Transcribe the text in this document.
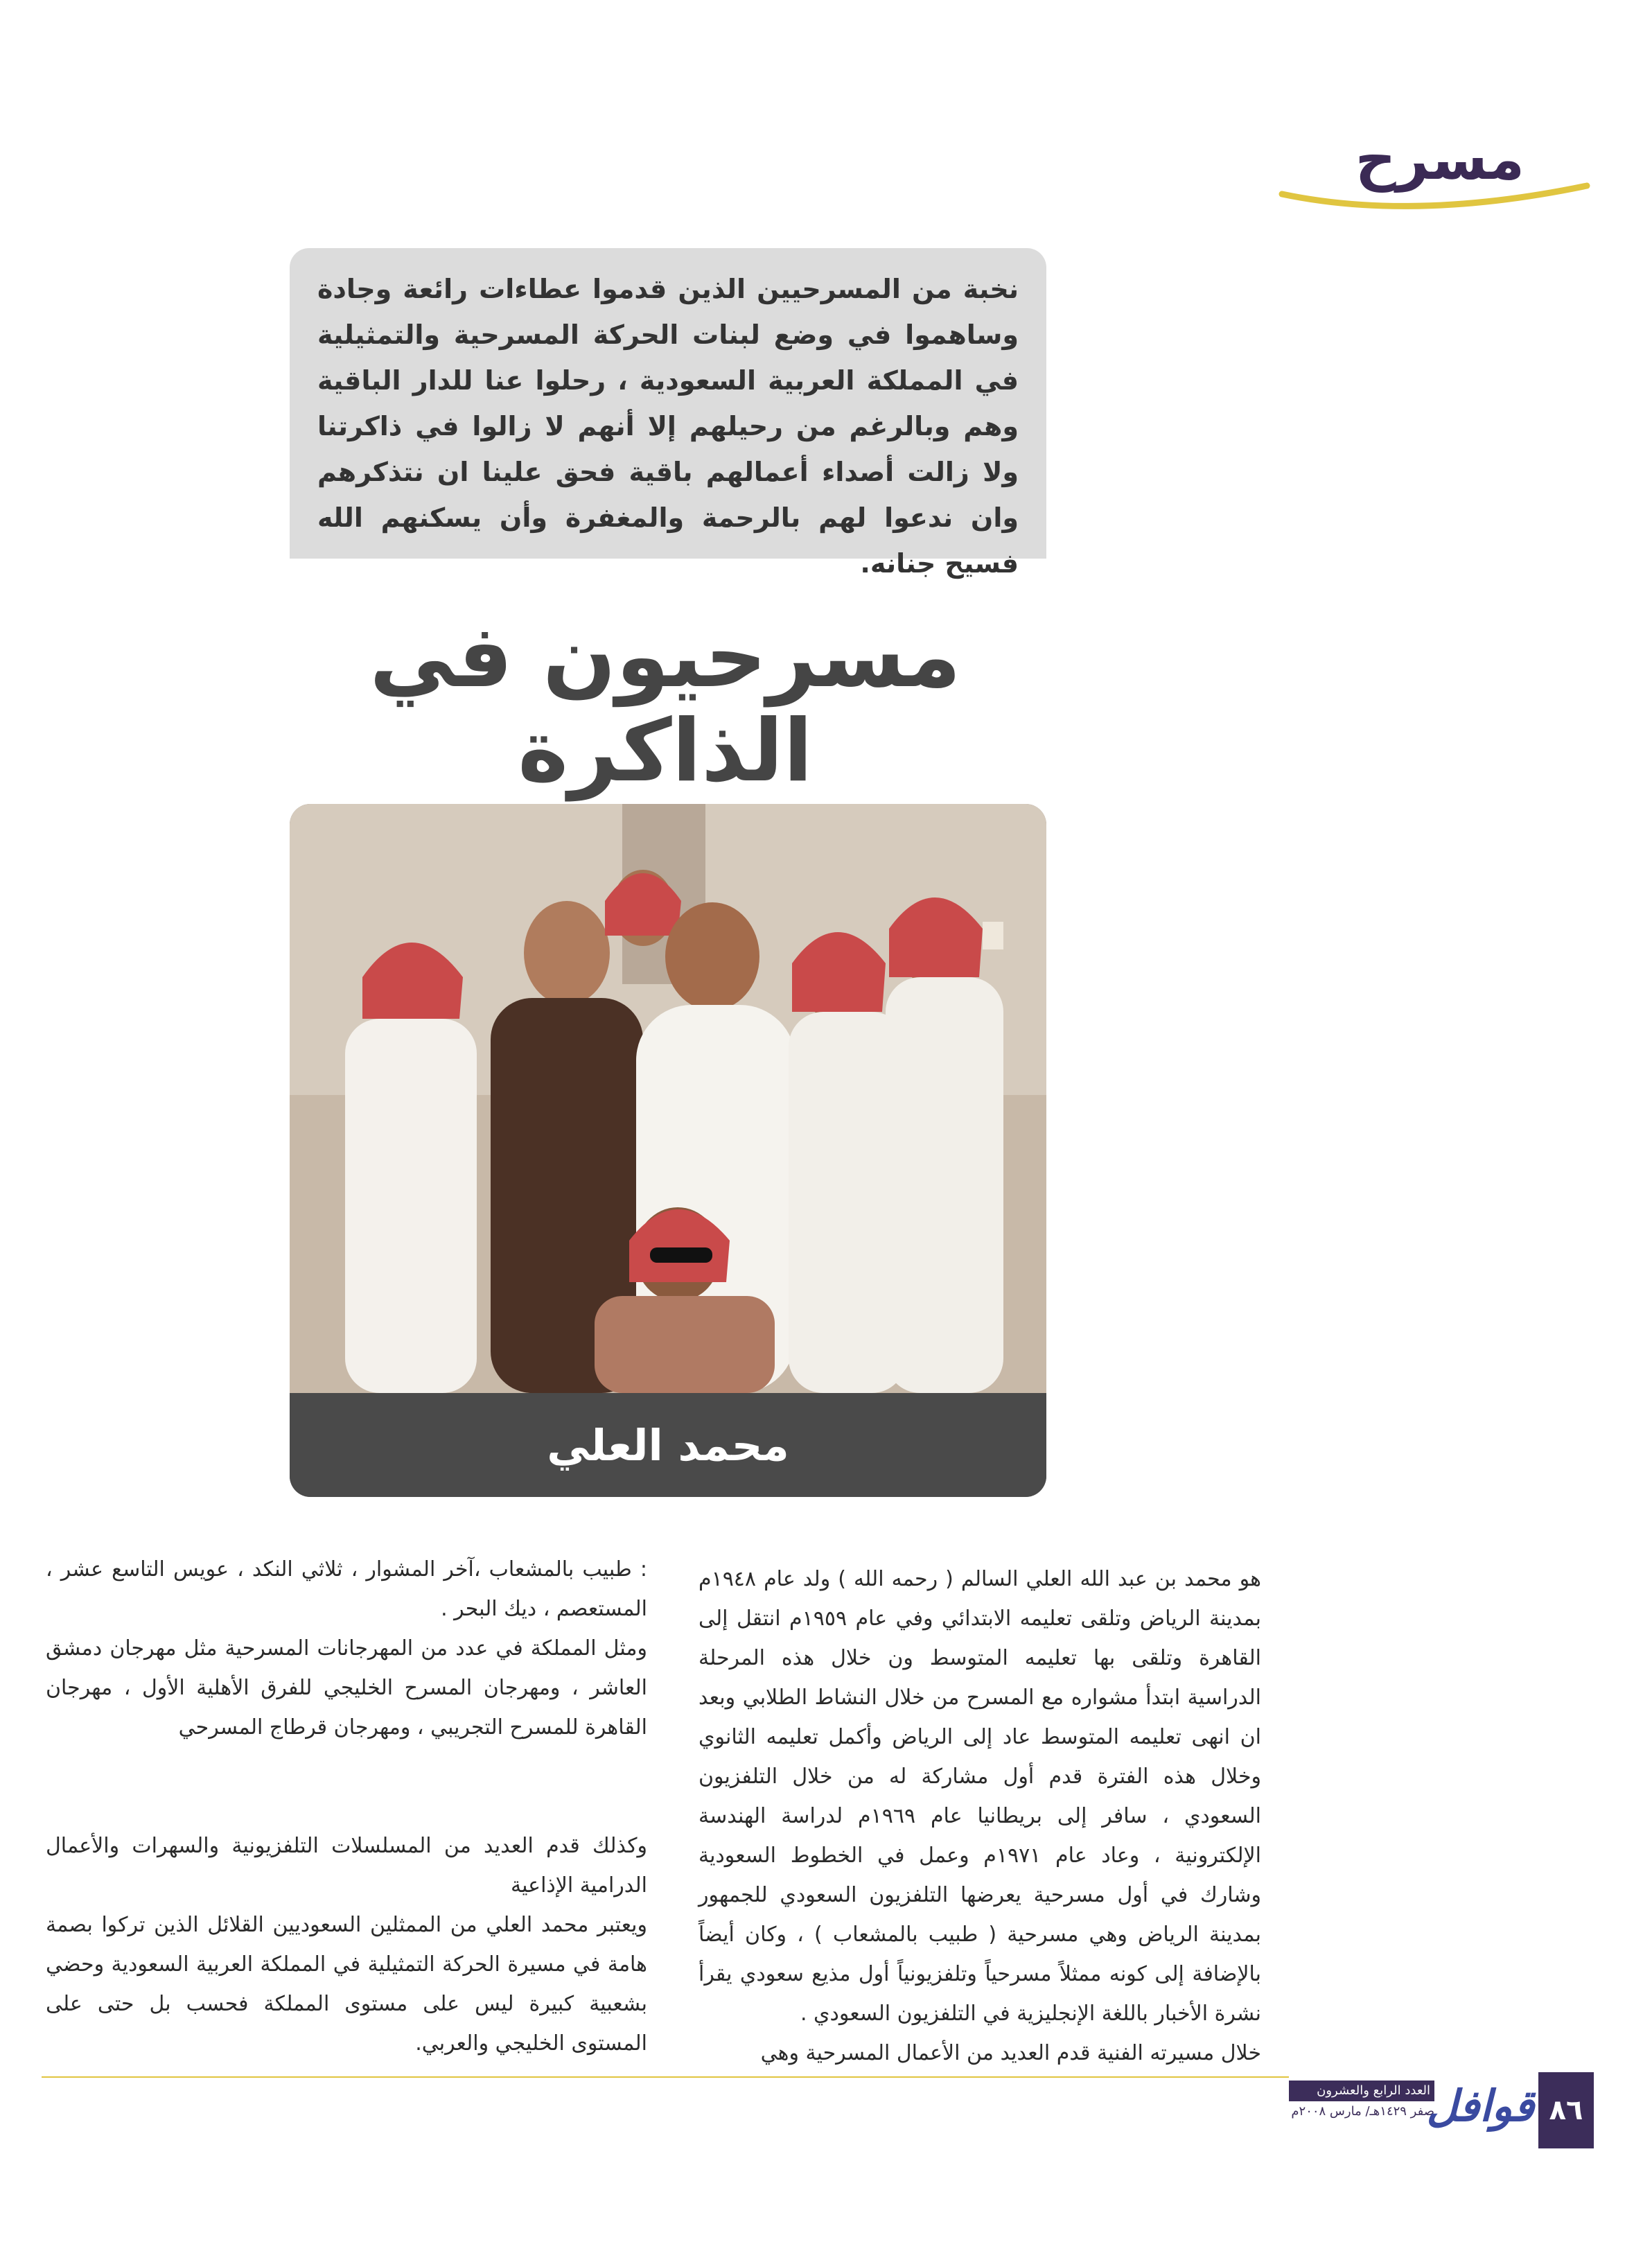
مسرح
نخبة من المسرحيين الذين قدموا عطاءات رائعة وجادة وساهموا في وضع لبنات الحركة المسرحية والتمثيلية في المملكة العربية السعودية ، رحلوا عنا للدار الباقية وهم وبالرغم من رحيلهم إلا أنهم لا زالوا في ذاكرتنا ولا زالت أصداء أعمالهم باقية فحق علينا ان نتذكرهم وان ندعوا لهم بالرحمة والمغفرة وأن يسكنهم الله فسيح جنانه.
مسرحيون في الذاكرة
محمد العلي

هو محمد بن عبد الله العلي السالم ( رحمه الله ) ولد عام ١٩٤٨م بمدينة الرياض وتلقى تعليمه الابتدائي وفي عام ١٩٥٩م انتقل إلى القاهرة وتلقى بها تعليمه المتوسط ون خلال هذه المرحلة الدراسية ابتدأ مشواره مع المسرح من خلال النشاط الطلابي وبعد ان انهى تعليمه المتوسط عاد إلى الرياض وأكمل تعليمه الثانوي وخلال هذه الفترة قدم أول مشاركة له من خلال التلفزيون السعودي ، سافر إلى بريطانيا عام ١٩٦٩م لدراسة الهندسة الإلكترونية ، وعاد عام ١٩٧١م وعمل في الخطوط السعودية وشارك في أول مسرحية يعرضها التلفزيون السعودي للجمهور بمدينة الرياض وهي مسرحية ( طبيب بالمشعاب ) ، وكان أيضاً بالإضافة إلى كونه ممثلاً مسرحياً وتلفزيونياً أول مذيع سعودي يقرأ نشرة الأخبار باللغة الإنجليزية في التلفزيون السعودي .

خلال مسيرته الفنية قدم العديد من الأعمال المسرحية وهي

: طبيب بالمشعاب ،آخر المشوار ، ثلاثي النكد ، عويس التاسع عشر ، المستعصم ، ديك البحر .

ومثل المملكة في عدد من المهرجانات المسرحية مثل مهرجان دمشق العاشر ، ومهرجان المسرح الخليجي للفرق الأهلية الأول ، مهرجان القاهرة للمسرح التجريبي ، ومهرجان قرطاج المسرحي

وكذلك قدم العديد من المسلسلات التلفزيونية والسهرات والأعمال الدرامية الإذاعية

ويعتبر محمد العلي من الممثلين السعوديين القلائل الذين تركوا بصمة هامة في مسيرة الحركة التمثيلية في المملكة العربية السعودية وحضي بشعبية كبيرة ليس على مستوى المملكة فحسب بل حتى على المستوى الخليجي والعربي.

العدد الرابع والعشرون
صفر ١٤٢٩هـ/ مارس ٢٠٠٨م
قوافل ٨٦
